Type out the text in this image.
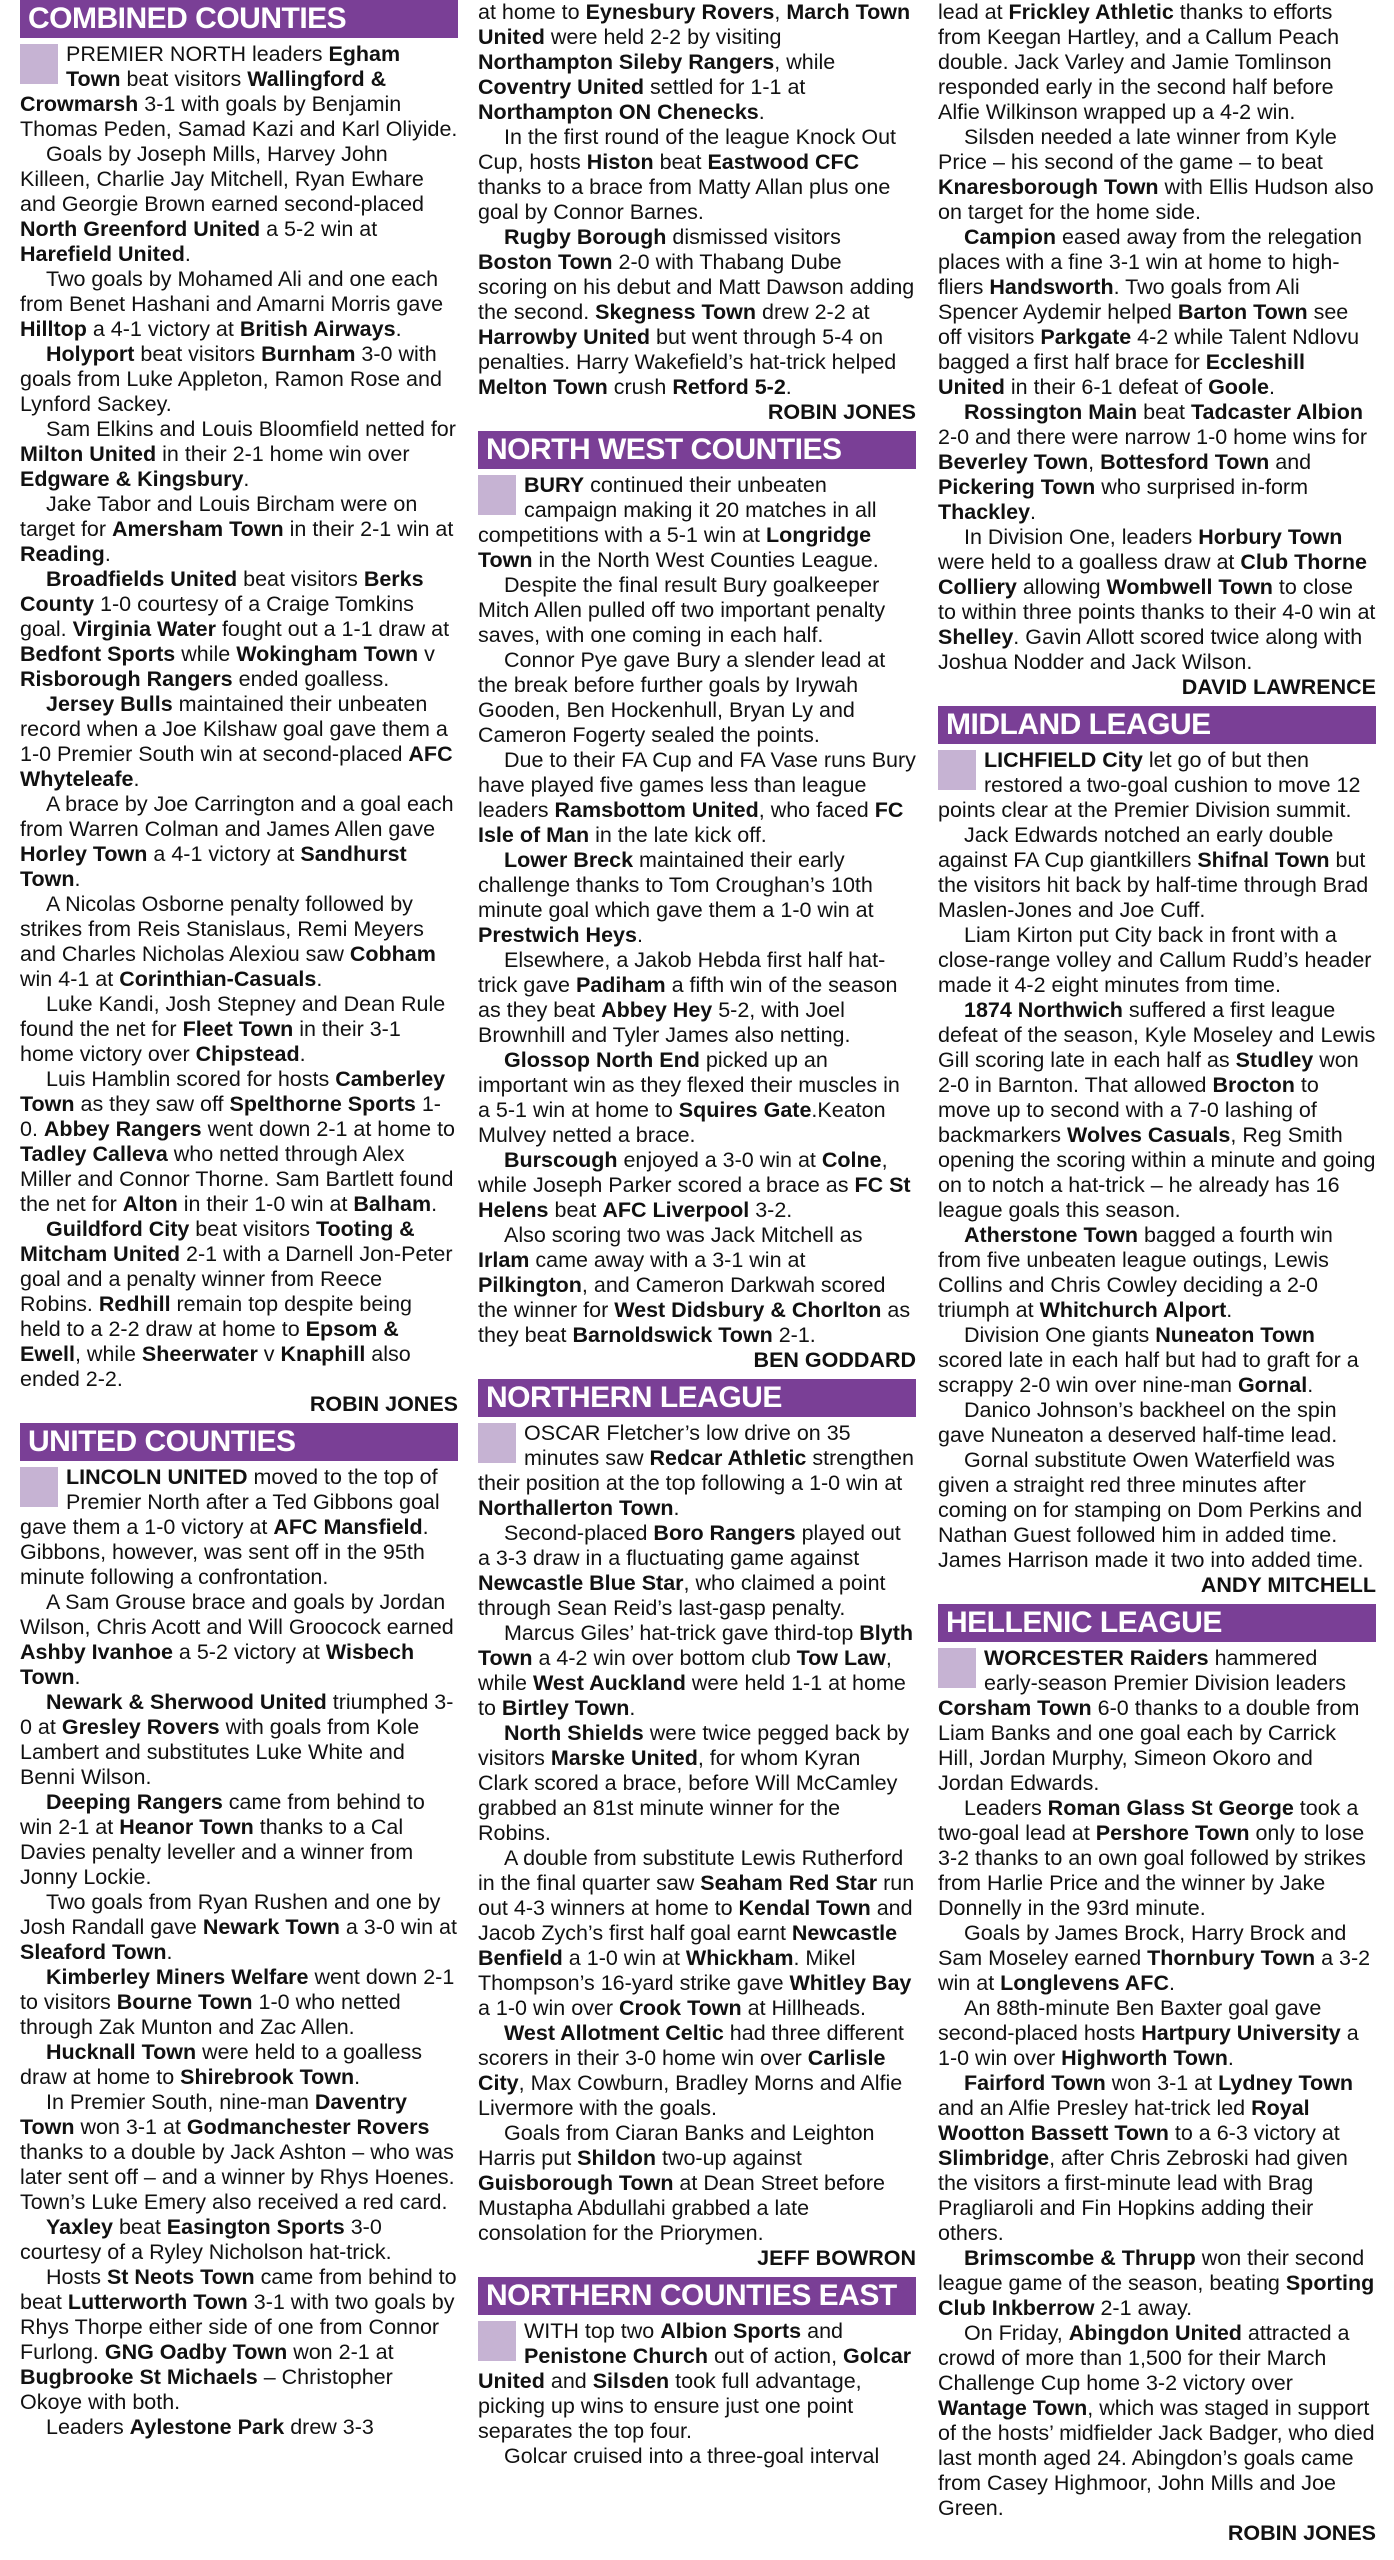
COMBINED COUNTIES

PREMIER NORTH leaders Egham Town beat visitors Wallingford & Crowmarsh 3-1 with goals by Benjamin Thomas Peden, Samad Kazi and Karl Oliyide.

Goals by Joseph Mills, Harvey John Killeen, Charlie Jay Mitchell, Ryan Ewhare and Georgie Brown earned second-placed North Greenford United a 5-2 win at Harefield United.

Two goals by Mohamed Ali and one each from Benet Hashani and Amarni Morris gave Hilltop a 4-1 victory at British Airways.

Holyport beat visitors Burnham 3-0 with goals from Luke Appleton, Ramon Rose and Lynford Sackey.

Sam Elkins and Louis Bloomfield netted for Milton United in their 2-1 home win over Edgware & Kingsbury.

Jake Tabor and Louis Bircham were on target for Amersham Town in their 2-1 win at Reading.

Broadfields United beat visitors Berks County 1-0 courtesy of a Craige Tomkins goal. Virginia Water fought out a 1-1 draw at Bedfont Sports while Wokingham Town v Risborough Rangers ended goalless.

Jersey Bulls maintained their unbeaten record when a Joe Kilshaw goal gave them a 1-0 Premier South win at second-placed AFC Whyteleafe.

A brace by Joe Carrington and a goal each from Warren Colman and James Allen gave Horley Town a 4-1 victory at Sandhurst Town.

A Nicolas Osborne penalty followed by strikes from Reis Stanislaus, Remi Meyers and Charles Nicholas Alexiou saw Cobham win 4-1 at Corinthian-Casuals.

Luke Kandi, Josh Stepney and Dean Rule found the net for Fleet Town in their 3-1 home victory over Chipstead.

Luis Hamblin scored for hosts Camberley Town as they saw off Spelthorne Sports 1-0. Abbey Rangers went down 2-1 at home to Tadley Calleva who netted through Alex Miller and Connor Thorne. Sam Bartlett found the net for Alton in their 1-0 win at Balham.

Guildford City beat visitors Tooting & Mitcham United 2-1 with a Darnell Jon-Peter goal and a penalty winner from Reece Robins. Redhill remain top despite being held to a 2-2 draw at home to Epsom & Ewell, while Sheerwater v Knaphill also ended 2-2.

ROBIN JONES
UNITED COUNTIES

LINCOLN UNITED moved to the top of Premier North after a Ted Gibbons goal gave them a 1-0 victory at AFC Mansfield. Gibbons, however, was sent off in the 95th minute following a confrontation.

A Sam Grouse brace and goals by Jordan Wilson, Chris Acott and Will Groocock earned Ashby Ivanhoe a 5-2 victory at Wisbech Town.

Newark & Sherwood United triumphed 3-0 at Gresley Rovers with goals from Kole Lambert and substitutes Luke White and Benni Wilson.

Deeping Rangers came from behind to win 2-1 at Heanor Town thanks to a Cal Davies penalty leveller and a winner from Jonny Lockie.

Two goals from Ryan Rushen and one by Josh Randall gave Newark Town a 3-0 win at Sleaford Town.

Kimberley Miners Welfare went down 2-1 to visitors Bourne Town 1-0 who netted through Zak Munton and Zac Allen.

Hucknall Town were held to a goalless draw at home to Shirebrook Town.

In Premier South, nine-man Daventry Town won 3-1 at Godmanchester Rovers thanks to a double by Jack Ashton – who was later sent off – and a winner by Rhys Hoenes. Town’s Luke Emery also received a red card.

Yaxley beat Easington Sports 3-0 courtesy of a Ryley Nicholson hat-trick.

Hosts St Neots Town came from behind to beat Lutterworth Town 3-1 with two goals by Rhys Thorpe either side of one from Connor Furlong. GNG Oadby Town won 2-1 at Bugbrooke St Michaels – Christopher Okoye with both.

Leaders Aylestone Park drew 3-3

at home to Eynesbury Rovers, March Town United were held 2-2 by visiting Northampton Sileby Rangers, while Coventry United settled for 1-1 at Northampton ON Chenecks.

In the first round of the league Knock Out Cup, hosts Histon beat Eastwood CFC thanks to a brace from Matty Allan plus one goal by Connor Barnes.

Rugby Borough dismissed visitors Boston Town 2-0 with Thabang Dube scoring on his debut and Matt Dawson adding the second. Skegness Town drew 2-2 at Harrowby United but went through 5-4 on penalties. Harry Wakefield’s hat-trick helped Melton Town crush Retford 5-2.

ROBIN JONES
NORTH WEST COUNTIES

BURY continued their unbeaten campaign making it 20 matches in all competitions with a 5-1 win at Longridge Town in the North West Counties League.

Despite the final result Bury goalkeeper Mitch Allen pulled off two important penalty saves, with one coming in each half.

Connor Pye gave Bury a slender lead at the break before further goals by Irywah Gooden, Ben Hockenhull, Bryan Ly and Cameron Fogerty sealed the points.

Due to their FA Cup and FA Vase runs Bury have played five games less than league leaders Ramsbottom United, who faced FC Isle of Man in the late kick off.

Lower Breck maintained their early challenge thanks to Tom Croughan’s 10th minute goal which gave them a 1-0 win at Prestwich Heys.

Elsewhere, a Jakob Hebda first half hat-trick gave Padiham a fifth win of the season as they beat Abbey Hey 5-2, with Joel Brownhill and Tyler James also netting.

Glossop North End picked up an important win as they flexed their muscles in a 5-1 win at home to Squires Gate.Keaton Mulvey netted a brace.

Burscough enjoyed a 3-0 win at Colne, while Joseph Parker scored a brace as FC St Helens beat AFC Liverpool 3-2.

Also scoring two was Jack Mitchell as Irlam came away with a 3-1 win at Pilkington, and Cameron Darkwah scored the winner for West Didsbury & Chorlton as they beat Barnoldswick Town 2-1.

BEN GODDARD
NORTHERN LEAGUE

OSCAR Fletcher’s low drive on 35 minutes saw Redcar Athletic strengthen their position at the top following a 1-0 win at Northallerton Town.

Second-placed Boro Rangers played out a 3-3 draw in a fluctuating game against Newcastle Blue Star, who claimed a point through Sean Reid’s last-gasp penalty.

Marcus Giles’ hat-trick gave third-top Blyth Town a 4-2 win over bottom club Tow Law, while West Auckland were held 1-1 at home to Birtley Town.

North Shields were twice pegged back by visitors Marske United, for whom Kyran Clark scored a brace, before Will McCamley grabbed an 81st minute winner for the Robins.

A double from substitute Lewis Rutherford in the final quarter saw Seaham Red Star run out 4-3 winners at home to Kendal Town and Jacob Zych’s first half goal earnt Newcastle Benfield a 1-0 win at Whickham. Mikel Thompson’s 16-yard strike gave Whitley Bay a 1-0 win over Crook Town at Hillheads.

West Allotment Celtic had three different scorers in their 3-0 home win over Carlisle City, Max Cowburn, Bradley Morns and Alfie Livermore with the goals.

Goals from Ciaran Banks and Leighton Harris put Shildon two-up against Guisborough Town at Dean Street before Mustapha Abdullahi grabbed a late consolation for the Priorymen.

JEFF BOWRON
NORTHERN COUNTIES EAST

WITH top two Albion Sports and Penistone Church out of action, Golcar United and Silsden took full advantage, picking up wins to ensure just one point separates the top four.

Golcar cruised into a three-goal interval

lead at Frickley Athletic thanks to efforts from Keegan Hartley, and a Callum Peach double. Jack Varley and Jamie Tomlinson responded early in the second half before Alfie Wilkinson wrapped up a 4-2 win.

Silsden needed a late winner from Kyle Price – his second of the game – to beat Knaresborough Town with Ellis Hudson also on target for the home side.

Campion eased away from the relegation places with a fine 3-1 win at home to high-fliers Handsworth. Two goals from Ali Spencer Aydemir helped Barton Town see off visitors Parkgate 4-2 while Talent Ndlovu bagged a first half brace for Eccleshill United in their 6-1 defeat of Goole.

Rossington Main beat Tadcaster Albion 2-0 and there were narrow 1-0 home wins for Beverley Town, Bottesford Town and Pickering Town who surprised in-form Thackley.

In Division One, leaders Horbury Town were held to a goalless draw at Club Thorne Colliery allowing Wombwell Town to close to within three points thanks to their 4-0 win at Shelley. Gavin Allott scored twice along with Joshua Nodder and Jack Wilson.

DAVID LAWRENCE
MIDLAND LEAGUE

LICHFIELD City let go of but then restored a two-goal cushion to move 12 points clear at the Premier Division summit.

Jack Edwards notched an early double against FA Cup giantkillers Shifnal Town but the visitors hit back by half-time through Brad Maslen-Jones and Joe Cuff.

Liam Kirton put City back in front with a close-range volley and Callum Rudd’s header made it 4-2 eight minutes from time.

1874 Northwich suffered a first league defeat of the season, Kyle Moseley and Lewis Gill scoring late in each half as Studley won 2-0 in Barnton. That allowed Brocton to move up to second with a 7-0 lashing of backmarkers Wolves Casuals, Reg Smith opening the scoring within a minute and going on to notch a hat-trick – he already has 16 league goals this season.

Atherstone Town bagged a fourth win from five unbeaten league outings, Lewis Collins and Chris Cowley deciding a 2-0 triumph at Whitchurch Alport.

Division One giants Nuneaton Town scored late in each half but had to graft for a scrappy 2-0 win over nine-man Gornal.

Danico Johnson’s backheel on the spin gave Nuneaton a deserved half-time lead.

Gornal substitute Owen Waterfield was given a straight red three minutes after coming on for stamping on Dom Perkins and Nathan Guest followed him in added time. James Harrison made it two into added time.

ANDY MITCHELL
HELLENIC LEAGUE

WORCESTER Raiders hammered early-season Premier Division leaders Corsham Town 6-0 thanks to a double from Liam Banks and one goal each by Carrick Hill, Jordan Murphy, Simeon Okoro and Jordan Edwards.

Leaders Roman Glass St George took a two-goal lead at Pershore Town only to lose 3-2 thanks to an own goal followed by strikes from Harlie Price and the winner by Jake Donnelly in the 93rd minute.

Goals by James Brock, Harry Brock and Sam Moseley earned Thornbury Town a 3-2 win at Longlevens AFC.

An 88th-minute Ben Baxter goal gave second-placed hosts Hartpury University a 1-0 win over Highworth Town.

Fairford Town won 3-1 at Lydney Town and an Alfie Presley hat-trick led Royal Wootton Bassett Town to a 6-3 victory at Slimbridge, after Chris Zebroski had given the visitors a first-minute lead with Brag Pragliaroli and Fin Hopkins adding their others.

Brimscombe & Thrupp won their second league game of the season, beating Sporting Club Inkberrow 2-1 away.

On Friday, Abingdon United attracted a crowd of more than 1,500 for their March Challenge Cup home 3-2 victory over Wantage Town, which was staged in support of the hosts’ midfielder Jack Badger, who died last month aged 24. Abingdon’s goals came from Casey Highmoor, John Mills and Joe Green.

ROBIN JONES
